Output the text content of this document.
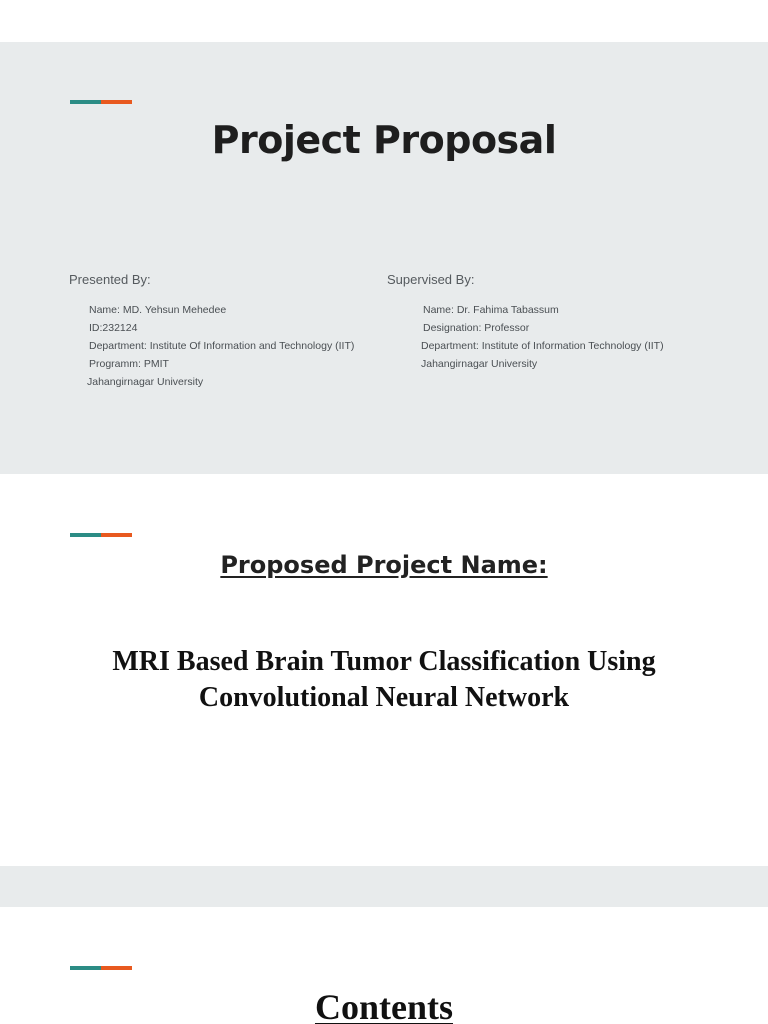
Project Proposal
Presented By:	Supervised By:
Name: MD. Yehsun Mehedee
ID:232124
Department: Institute Of Information and Technology (IIT)
Programm: PMIT
Jahangirnagar University
Name: Dr. Fahima Tabassum
Designation: Professor
Department: Institute of Information Technology (IIT)
Jahangirnagar University
Proposed Project Name:
MRI Based Brain Tumor Classification Using Convolutional Neural Network
Contents
